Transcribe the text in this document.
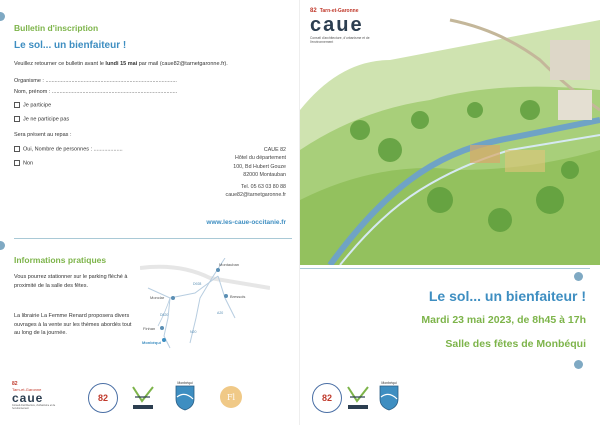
Bulletin d'inscription
Le sol... un bienfaiteur !
Veuillez retourner ce bulletin avant le lundi 15 mai par mail (caue82@tarnetgaronne.fr).
Organisme : ......................................................................................
Nom, prénom : ..................................................................................
Je participe
Je ne participe pas
Sera présent au repas :
Oui, Nombre de personnes : ...................
Non
CAUE 82
Hôtel du département
100, Bd Hubert Gouze
82000 Montauban
Tel. 05 63 03 80 88
caue82@tarnetgaronne.fr
www.les-caue-occitanie.fr
Informations pratiques
Vous pourrez stationner sur le parking fléché à proximité de la salle des fêtes.
La librairie La Femme Renard proposera divers ouvrages à la vente sur les thèmes abordés tout au long de la journée.
Montauban
Monclar	Bressols
Finhan
Monbéqui
D928
A20
D820
N20
82
Tarn-et-Garonne
caue
Conseil d'architecture, d'urbanisme et de l'environnement
82
Monbéqui
Fl
82 Tarn-et-Garonne
caue
Conseil d'architecture, d'urbanisme et de l'environnement
Le sol... un bienfaiteur !
Mardi 23 mai 2023, de 8h45 à 17h
Salle des fêtes de Monbéqui
82
Monbéqui
